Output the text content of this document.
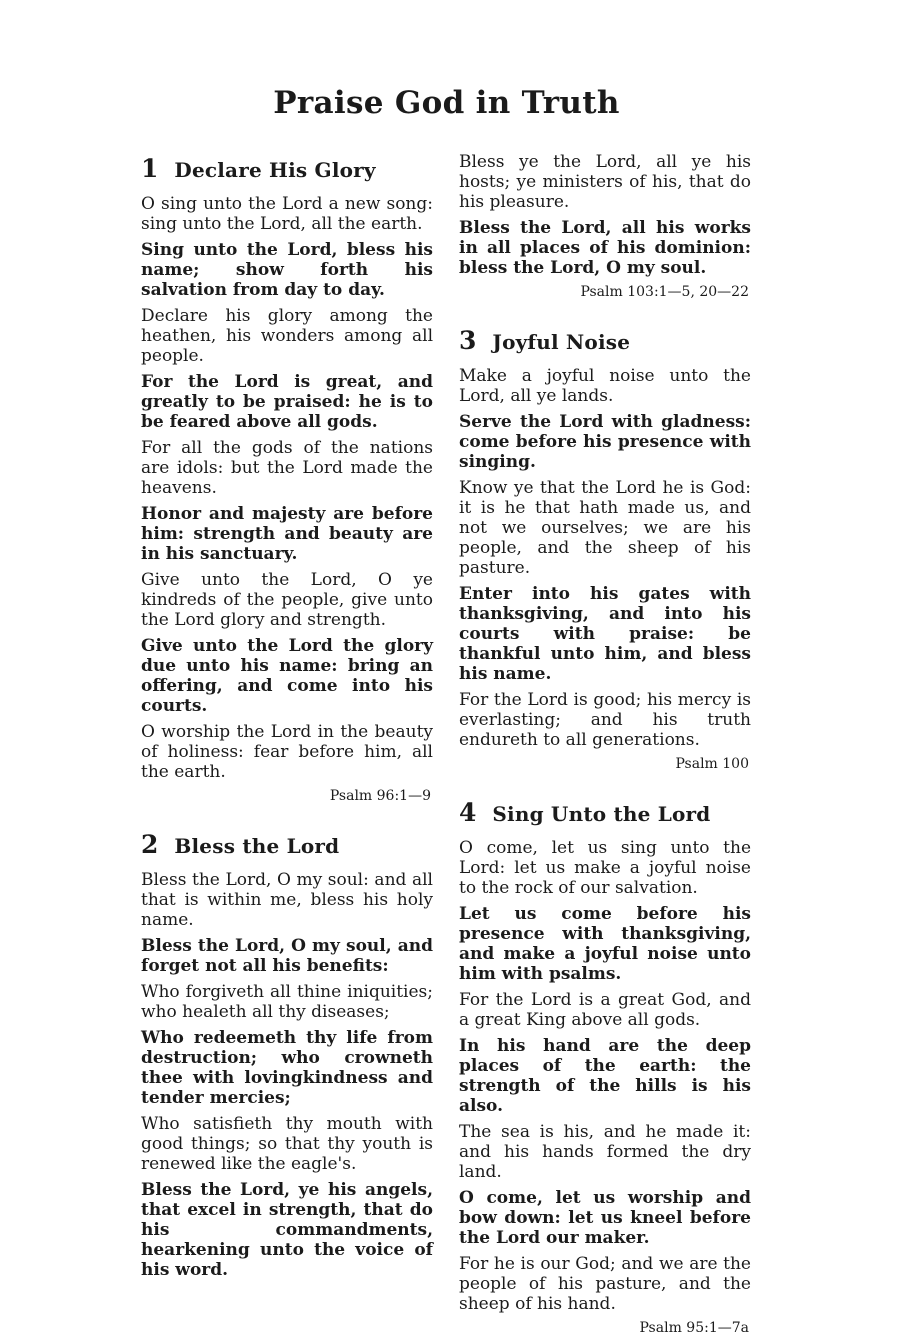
Praise God in Truth
1 Declare His Glory

O sing unto the Lord a new song: sing unto the Lord, all the earth.

Sing unto the Lord, bless his name; show forth his salvation from day to day.

Declare his glory among the heathen, his wonders among all people.

For the Lord is great, and greatly to be praised: he is to be feared above all gods.

For all the gods of the nations are idols: but the Lord made the heavens.

Honor and majesty are before him: strength and beauty are in his sanctuary.

Give unto the Lord, O ye kindreds of the people, give unto the Lord glory and strength.

Give unto the Lord the glory due unto his name: bring an offering, and come into his courts.

O worship the Lord in the beauty of holiness: fear before him, all the earth.

Psalm 96:1—9
2 Bless the Lord

Bless the Lord, O my soul: and all that is within me, bless his holy name.

Bless the Lord, O my soul, and forget not all his benefits:

Who forgiveth all thine iniquities; who healeth all thy diseases;

Who redeemeth thy life from destruction; who crowneth thee with lovingkindness and tender mercies;

Who satisfieth thy mouth with good things; so that thy youth is renewed like the eagle's.

Bless the Lord, ye his angels, that excel in strength, that do his commandments, hearkening unto the voice of his word.

Bless ye the Lord, all ye his hosts; ye ministers of his, that do his pleasure.

Bless the Lord, all his works in all places of his dominion: bless the Lord, O my soul.

Psalm 103:1—5, 20—22
3 Joyful Noise

Make a joyful noise unto the Lord, all ye lands.

Serve the Lord with gladness: come before his presence with singing.

Know ye that the Lord he is God: it is he that hath made us, and not we ourselves; we are his people, and the sheep of his pasture.

Enter into his gates with thanksgiving, and into his courts with praise: be thankful unto him, and bless his name.

For the Lord is good; his mercy is everlasting; and his truth endureth to all generations.

Psalm 100
4 Sing Unto the Lord

O come, let us sing unto the Lord: let us make a joyful noise to the rock of our salvation.

Let us come before his presence with thanksgiving, and make a joyful noise unto him with psalms.

For the Lord is a great God, and a great King above all gods.

In his hand are the deep places of the earth: the strength of the hills is his also.

The sea is his, and he made it: and his hands formed the dry land.

O come, let us worship and bow down: let us kneel before the Lord our maker.

For he is our God; and we are the people of his pasture, and the sheep of his hand.

Psalm 95:1—7a
